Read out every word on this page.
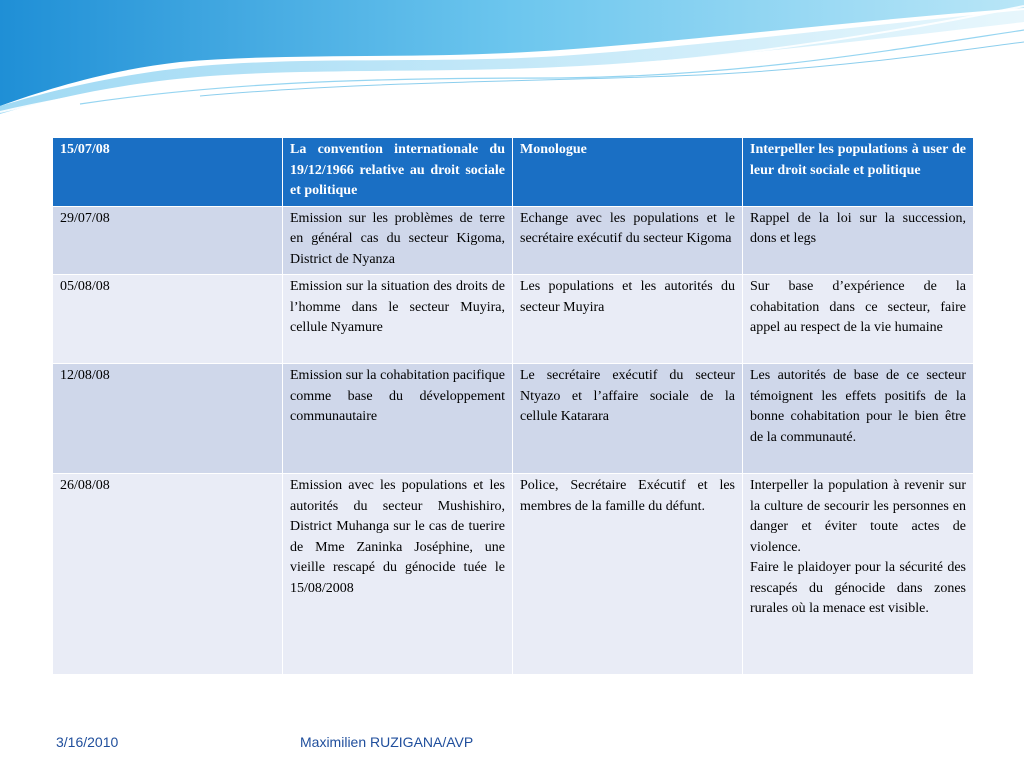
15/07/08	La convention internationale du 19/12/1966 relative au droit sociale et politique	Monologue	Interpeller les populations à user de leur droit sociale et politique
29/07/08	Emission sur les problèmes de terre en général cas du secteur Kigoma, District de Nyanza	Echange avec les populations et le secrétaire exécutif du secteur Kigoma	Rappel de la loi sur la succession, dons et legs
05/08/08	Emission sur la situation des droits de l’homme dans le secteur Muyira, cellule Nyamure	Les populations et les autorités du secteur Muyira	Sur base d’expérience de la cohabitation dans ce secteur, faire appel au respect de la vie humaine
12/08/08	Emission sur la cohabitation pacifique comme base du développement communautaire	Le secrétaire exécutif du secteur Ntyazo et l’affaire sociale de la cellule Katarara	Les autorités de base de ce secteur témoignent les effets positifs de la bonne cohabitation pour le bien être de la communauté.
26/08/08	Emission avec les populations et les autorités du secteur Mushishiro, District Muhanga sur le cas de tuerire de Mme Zaninka Joséphine, une vieille rescapé du génocide tuée le 15/08/2008	Police, Secrétaire Exécutif et les membres de la famille du défunt.	Interpeller la population à revenir sur la culture de secourir les personnes en danger et éviter toute actes de violence.
Faire le plaidoyer pour la sécurité des rescapés du génocide dans zones rurales où la menace est visible.
3/16/2010	Maximilien RUZIGANA/AVP
